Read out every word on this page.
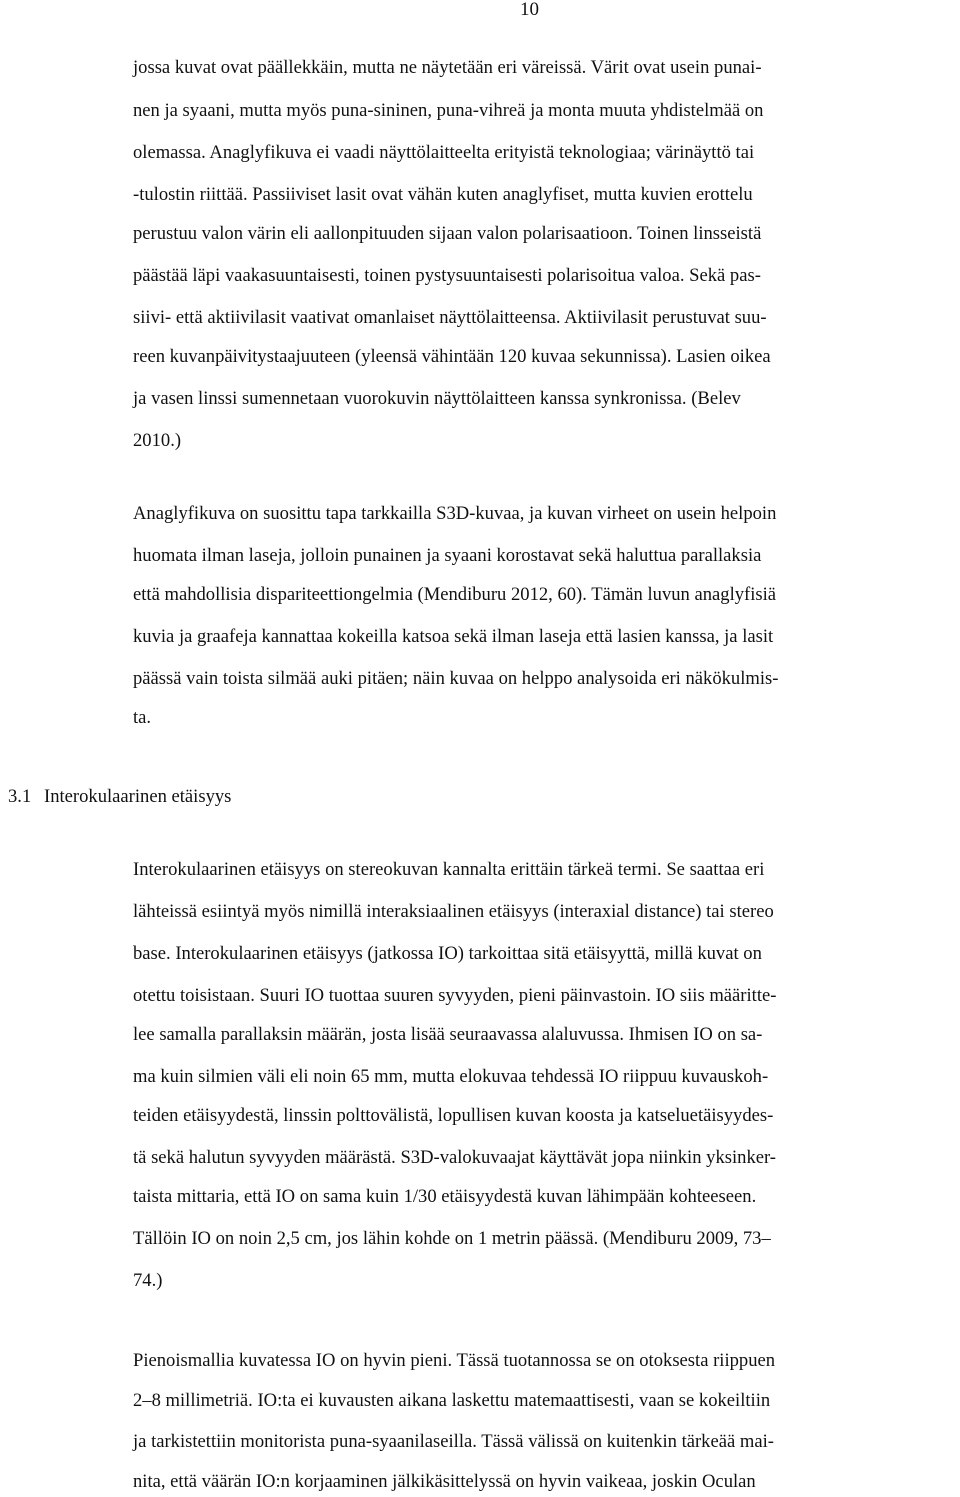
10
jossa kuvat ovat päällekkäin, mutta ne näytetään eri väreissä. Värit ovat usein punai-
nen ja syaani, mutta myös puna-sininen, puna-vihreä ja monta muuta yhdistelmää on
olemassa. Anaglyfikuva ei vaadi näyttölaitteelta erityistä teknologiaa; värinäyttö tai
-tulostin riittää. Passiiviset lasit ovat vähän kuten anaglyfiset, mutta kuvien erottelu
perustuu valon värin eli aallonpituuden sijaan valon polarisaatioon. Toinen linsseistä
päästää läpi vaakasuuntaisesti, toinen pystysuuntaisesti polarisoitua valoa. Sekä pas-
siivi- että aktiivilasit vaativat omanlaiset näyttölaitteensa. Aktiivilasit perustuvat suu-
reen kuvanpäivitystaajuuteen (yleensä vähintään 120 kuvaa sekunnissa). Lasien oikea
ja vasen linssi sumennetaan vuorokuvin näyttölaitteen kanssa synkronissa. (Belev
2010.)
Anaglyfikuva on suosittu tapa tarkkailla S3D-kuvaa, ja kuvan virheet on usein helpoin
huomata ilman laseja, jolloin punainen ja syaani korostavat sekä haluttua parallaksia
että mahdollisia dispariteettiongelmia (Mendiburu 2012, 60). Tämän luvun anaglyfisiä
kuvia ja graafeja kannattaa kokeilla katsoa sekä ilman laseja että lasien kanssa, ja lasit
päässä vain toista silmää auki pitäen; näin kuvaa on helppo analysoida eri näkökulmis-
ta.
3.1 Interokulaarinen etäisyys
Interokulaarinen etäisyys on stereokuvan kannalta erittäin tärkeä termi. Se saattaa eri
lähteissä esiintyä myös nimillä interaksiaalinen etäisyys (interaxial distance) tai stereo
base. Interokulaarinen etäisyys (jatkossa IO) tarkoittaa sitä etäisyyttä, millä kuvat on
otettu toisistaan. Suuri IO tuottaa suuren syvyyden, pieni päinvastoin. IO siis määritte-
lee samalla parallaksin määrän, josta lisää seuraavassa alaluvussa. Ihmisen IO on sa-
ma kuin silmien väli eli noin 65 mm, mutta elokuvaa tehdessä IO riippuu kuvauskoh-
teiden etäisyydestä, linssin polttovälistä, lopullisen kuvan koosta ja katseluetäisyydes-
tä sekä halutun syvyyden määrästä. S3D-valokuvaajat käyttävät jopa niinkin yksinker-
taista mittaria, että IO on sama kuin 1/30 etäisyydestä kuvan lähimpään kohteeseen.
Tällöin IO on noin 2,5 cm, jos lähin kohde on 1 metrin päässä. (Mendiburu 2009, 73–
74.)
Pienoismallia kuvatessa IO on hyvin pieni. Tässä tuotannossa se on otoksesta riippuen
2–8 millimetriä. IO:ta ei kuvausten aikana laskettu matemaattisesti, vaan se kokeiltiin
ja tarkistettiin monitorista puna-syaanilaseilla. Tässä välissä on kuitenkin tärkeää mai-
nita, että väärän IO:n korjaaminen jälkikäsittelyssä on hyvin vaikeaa, joskin Oculan
